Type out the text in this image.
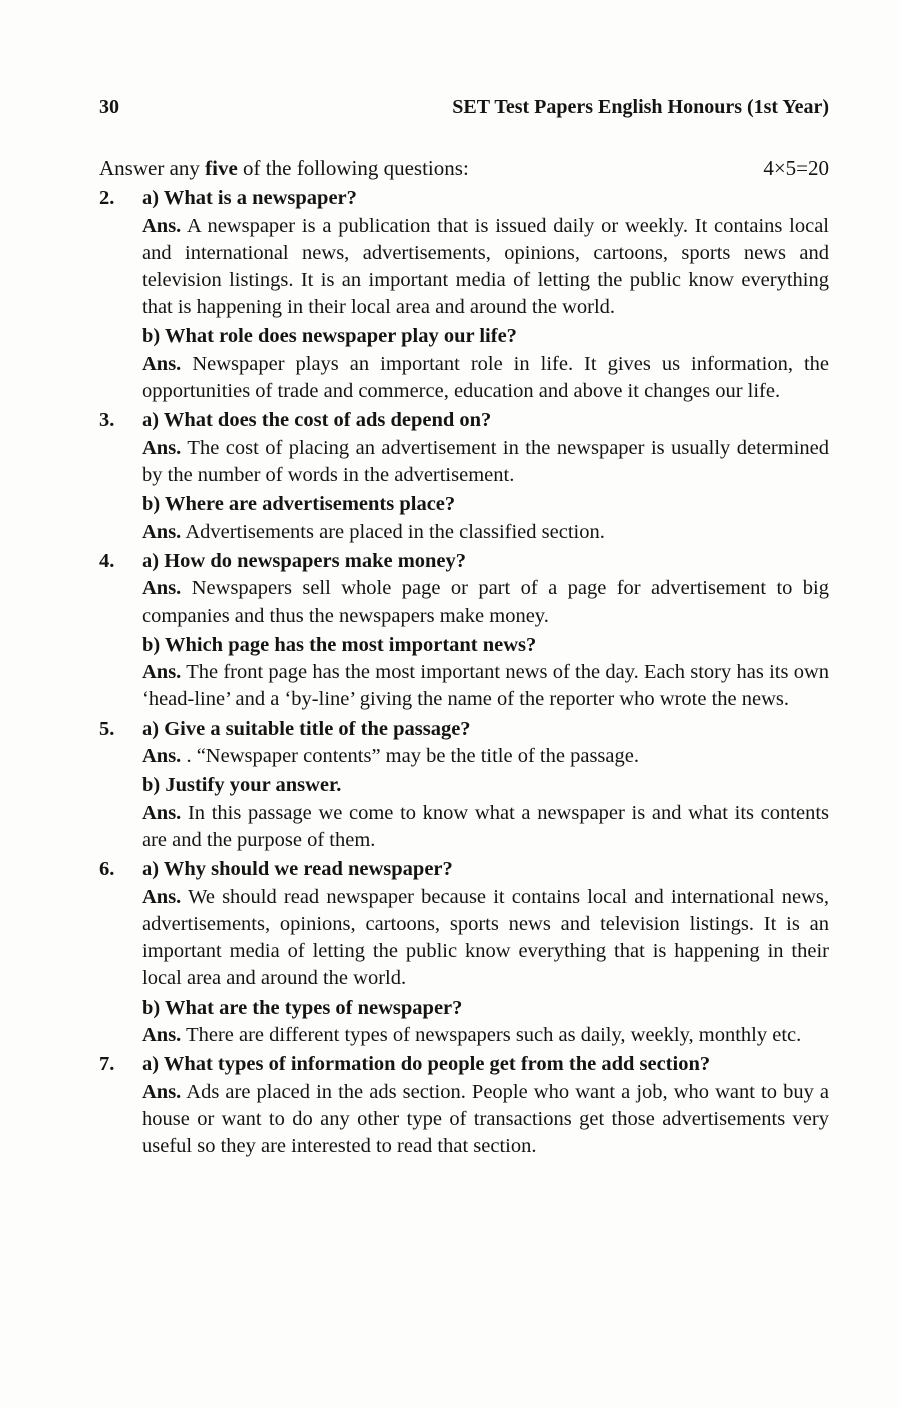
30	SET Test Papers English Honours (1st Year)
Answer any five of the following questions:	4×5=20
2. a) What is a newspaper?
Ans. A newspaper is a publication that is issued daily or weekly. It contains local and international news, advertisements, opinions, cartoons, sports news and television listings. It is an important media of letting the public know everything that is happening in their local area and around the world.
b) What role does newspaper play our life?
Ans. Newspaper plays an important role in life. It gives us information, the opportunities of trade and commerce, education and above it changes our life.
3. a) What does the cost of ads depend on?
Ans. The cost of placing an advertisement in the newspaper is usually determined by the number of words in the advertisement.
b) Where are advertisements place?
Ans. Advertisements are placed in the classified section.
4. a) How do newspapers make money?
Ans. Newspapers sell whole page or part of a page for advertisement to big companies and thus the newspapers make money.
b) Which page has the most important news?
Ans. The front page has the most important news of the day. Each story has its own ‘head-line’ and a ‘by-line’ giving the name of the reporter who wrote the news.
5. a) Give a suitable title of the passage?
Ans. . “Newspaper contents” may be the title of the passage.
b) Justify your answer.
Ans. In this passage we come to know what a newspaper is and what its contents are and the purpose of them.
6. a) Why should we read newspaper?
Ans. We should read newspaper because it contains local and international news, advertisements, opinions, cartoons, sports news and television listings. It is an important media of letting the public know everything that is happening in their local area and around the world.
b) What are the types of newspaper?
Ans. There are different types of newspapers such as daily, weekly, monthly etc.
7. a) What types of information do people get from the add section?
Ans. Ads are placed in the ads section. People who want a job, who want to buy a house or want to do any other type of transactions get those advertisements very useful so they are interested to read that section.
